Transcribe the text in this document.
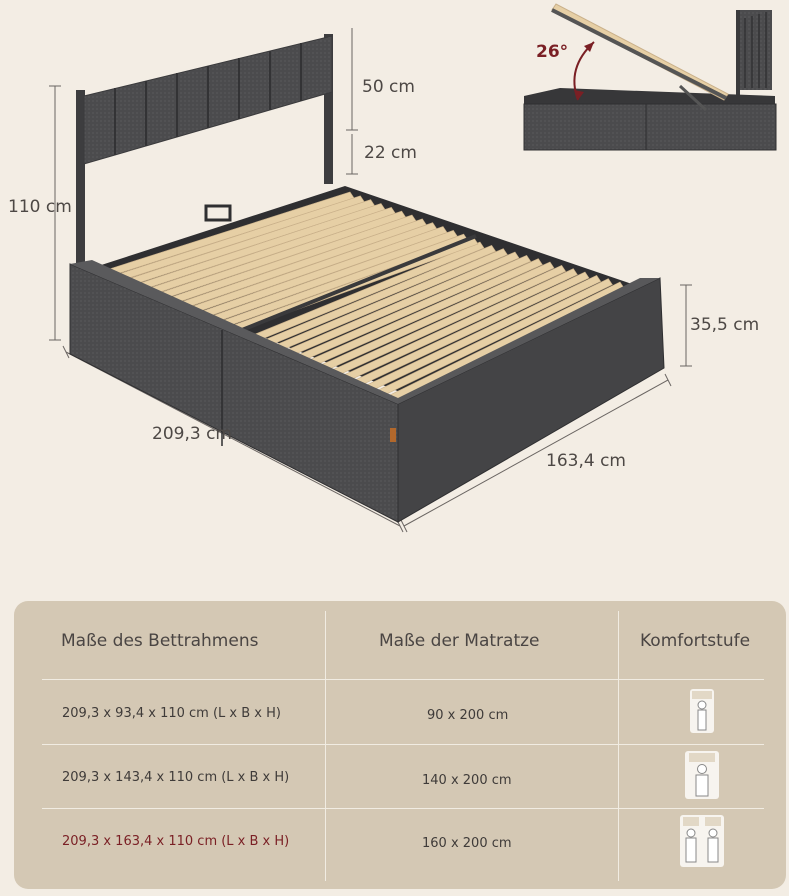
50 cm
22 cm
110 cm
35,5 cm
209,3 cm
163,4 cm
26°
Maße des Bettrahmens	Maße der Matratze	Komfortstufe
209,3 x 93,4 x 110 cm (L x B x H)	90 x 200 cm
209,3 x 143,4 x 110 cm (L x B x H)	140 x 200 cm
209,3 x 163,4 x 110 cm (L x B x H)	160 x 200 cm
